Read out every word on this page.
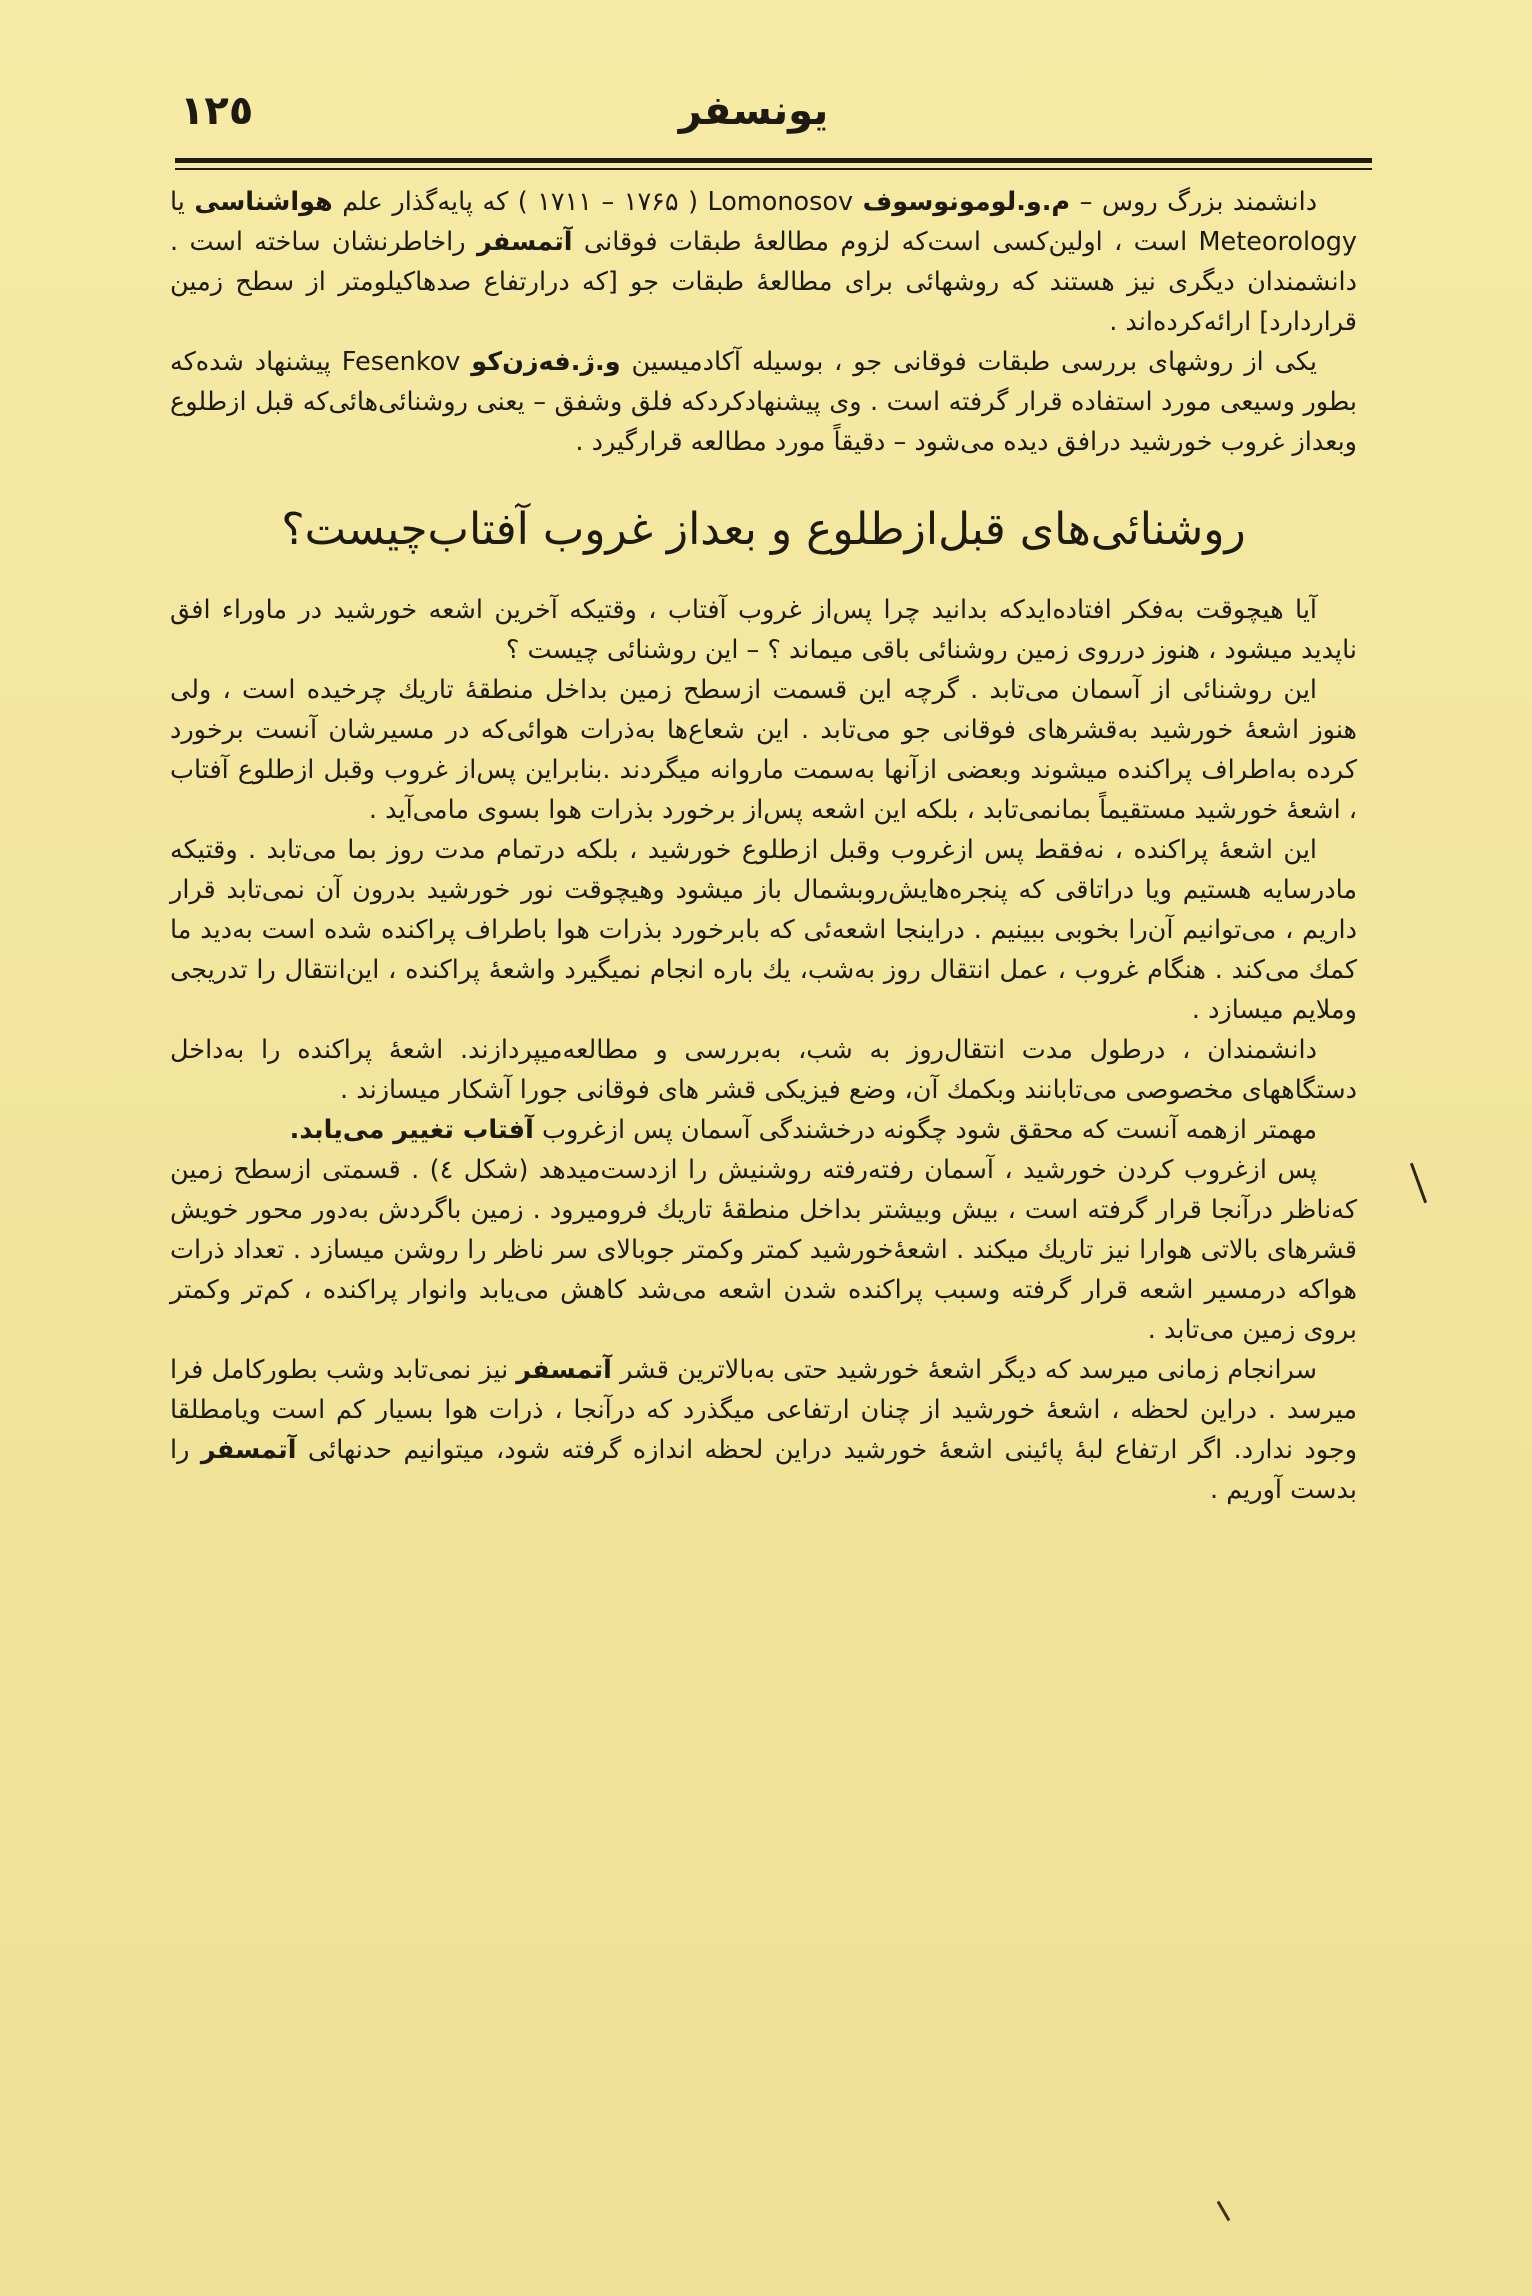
١٢٥	یونسفر

دانشمند بزرگ روس – م.و.لومونوسوف Lomonosov ( ۱۷۶۵ – ۱۷۱۱ ) که پایه‌گذار علم هواشناسی یا Meteorology است ، اولین‌کسی است‌که لزوم مطالعهٔ طبقات فوقانی آتمسفر راخاطرنشان ساخته است . دانشمندان دیگری نیز هستند که روشهائی برای مطالعهٔ طبقات جو [که درارتفاع صدهاکیلومتر از سطح زمین قراردارد] ارائه‌کرده‌اند .

یکی از روشهای بررسی طبقات فوقانی جو ، بوسیله آکادمیسین و.ژ.فه‌زن‌کو Fesenkov پیشنهاد شده‌که بطور وسیعی مورد استفاده قرار گرفته است . وی پیشنهادکردکه فلق وشفق – یعنی روشنائی‌هائی‌که قبل ازطلوع وبعداز غروب خورشید درافق دیده می‌شود – دقیقاً مورد مطالعه قرارگیرد .

روشنائی‌های قبل‌ازطلوع و بعداز غروب آفتاب‌چیست؟

آیا هیچوقت به‌فکر افتاده‌ایدکه بدانید چرا پس‌از غروب آفتاب ، وقتیکه آخرین اشعه خورشید در ماوراء افق ناپدید میشود ، هنوز درروی زمین روشنائی باقی میماند ؟ – این روشنائی چیست ؟

این روشنائی از آسمان می‌تابد . گرچه این قسمت ازسطح زمین بداخل منطقهٔ تاریك چرخیده است ، ولی هنوز اشعهٔ خورشید به‌قشرهای فوقانی جو می‌تابد . این شعاع‌ها به‌ذرات هوائی‌که در مسیرشان آنست برخورد کرده به‌اطراف پراکنده میشوند وبعضی ازآنها به‌سمت ماروانه میگردند .بنابراین پس‌از غروب وقبل ازطلوع آفتاب ، اشعهٔ خورشید مستقیماً بمانمی‌تابد ، بلکه این اشعه پس‌از برخورد بذرات هوا بسوی مامی‌آید .

این اشعهٔ پراکنده ، نه‌فقط پس ازغروب وقبل ازطلوع خورشید ، بلکه درتمام مدت روز بما می‌تابد . وقتیکه مادرسایه هستیم ویا دراتاقی که پنجره‌هایش‌روبشمال باز میشود وهیچوقت نور خورشید بدرون آن نمی‌تابد قرار داریم ، می‌توانیم آن‌را بخوبی ببینیم . دراینجا اشعه‌ئی که بابرخورد بذرات هوا باطراف پراکنده شده است به‌دید ما کمك می‌کند . هنگام غروب ، عمل انتقال روز به‌شب، یك باره انجام نمیگیرد واشعهٔ پراکنده ، این‌انتقال را تدریجی وملایم میسازد .

دانشمندان ، درطول مدت انتقال‌روز به شب، به‌بررسی و مطالعه‌میپردازند. اشعهٔ پراکنده را به‌داخل دستگاههای مخصوصی می‌تابانند وبکمك آن، وضع فیزیکی قشر های فوقانی جورا آشکار میسازند .

مهمتر ازهمه آنست که محقق شود چگونه درخشندگی آسمان پس ازغروب آفتاب تغییر می‌یابد.

پس ازغروب کردن خورشید ، آسمان رفته‌رفته روشنیش را ازدست‌میدهد (شکل ٤) . قسمتی ازسطح زمین که‌ناظر درآنجا قرار گرفته است ، بیش وبیشتر بداخل منطقهٔ تاریك فرومیرود . زمین باگردش به‌دور محور خویش قشرهای بالاتی هوارا نیز تاریك میکند . اشعهٔ‌خورشید کمتر وکمتر جوبالای سر ناظر را روشن میسازد . تعداد ذرات هواکه درمسیر اشعه قرار گرفته وسبب پراکنده شدن اشعه می‌شد کاهش می‌یابد وانوار پراکنده ، کم‌تر وکمتر بروی زمین می‌تابد .

سرانجام زمانی میرسد که دیگر اشعهٔ خورشید حتی به‌بالاترین قشر آتمسفر نیز نمی‌تابد وشب بطورکامل فرا میرسد . دراین لحظه ، اشعهٔ خورشید از چنان ارتفاعی میگذرد که درآنجا ، ذرات هوا بسیار کم است ویامطلقا وجود ندارد. اگر ارتفاع لبهٔ پائینی اشعهٔ خورشید دراین لحظه اندازه گرفته شود، میتوانیم حدنهائی آتمسفر را بدست آوریم .
